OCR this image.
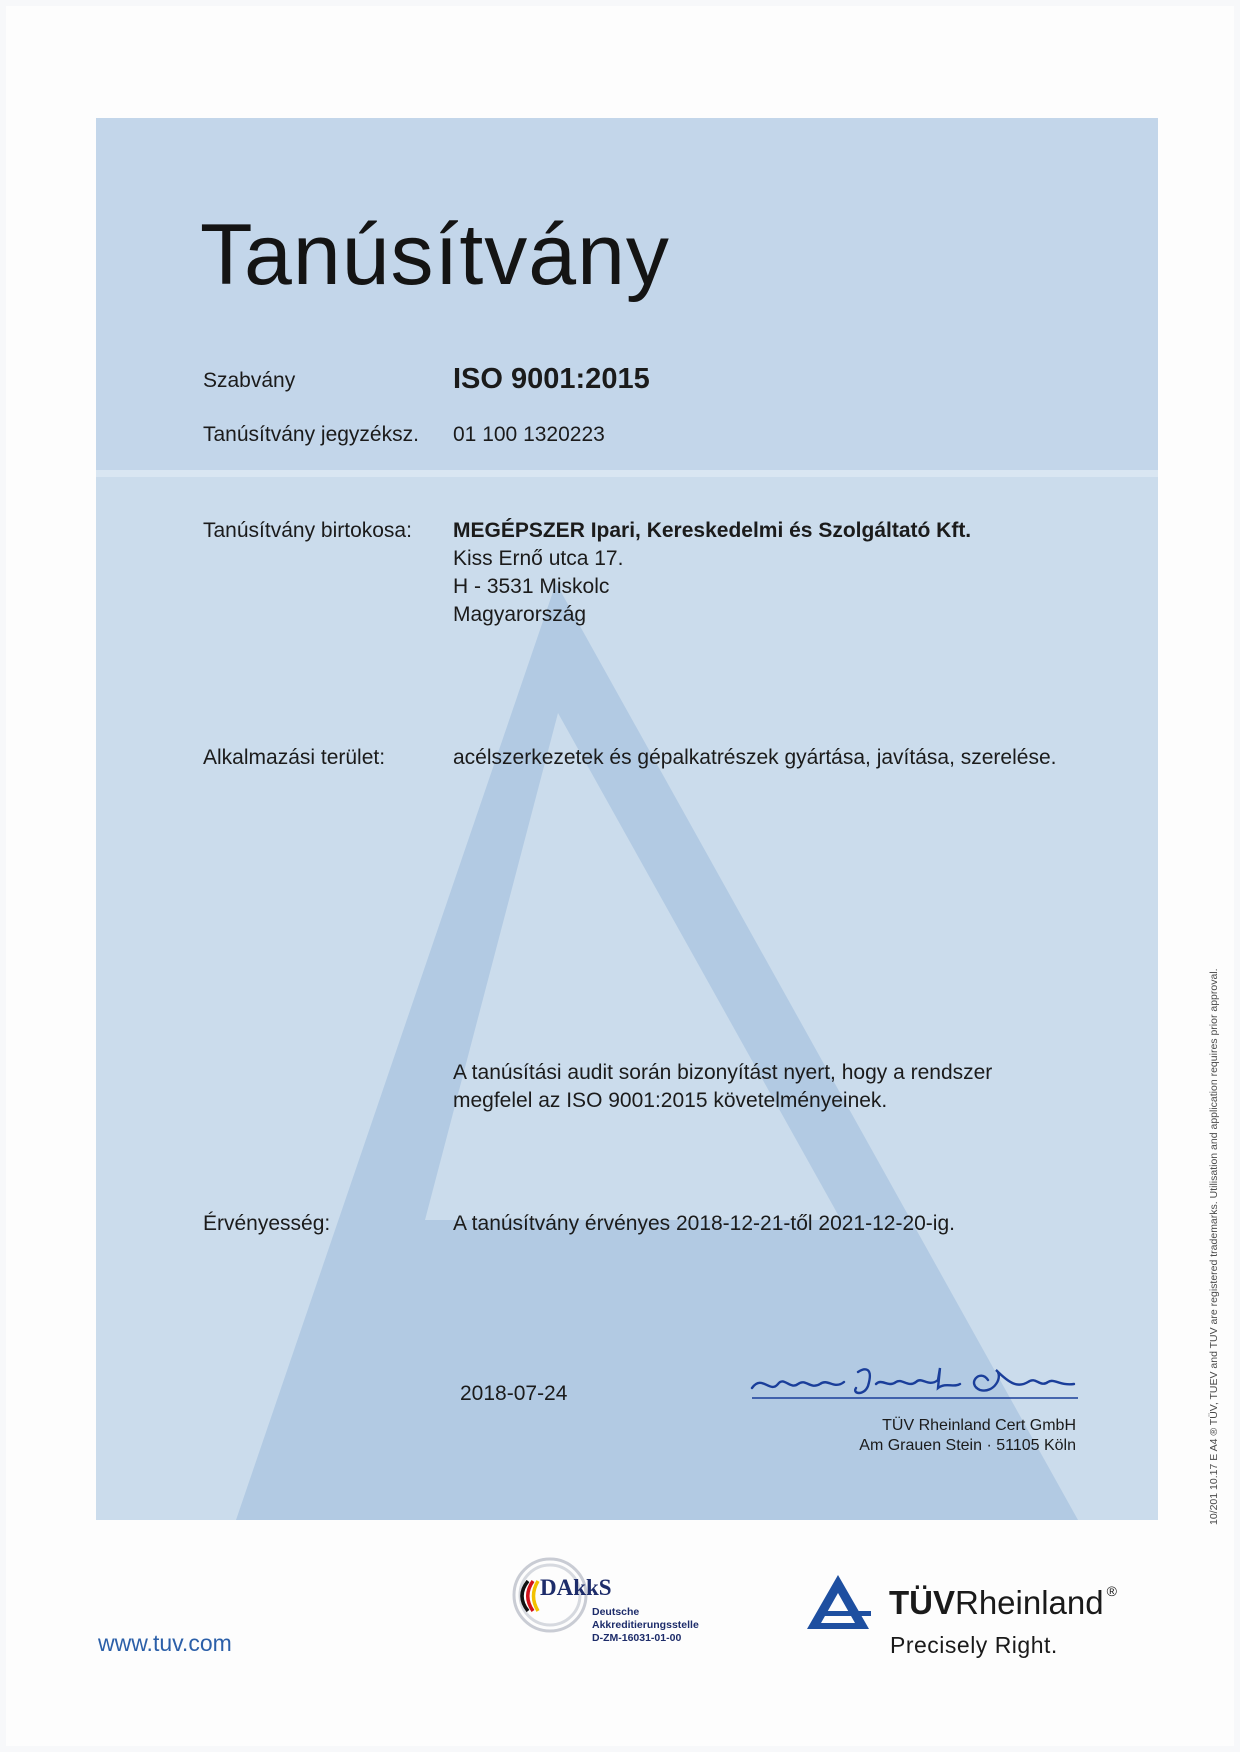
Tanúsítvány
Szabvány	ISO 9001:2015
Tanúsítvány jegyzéksz. 01 100 1320223
Tanúsítvány birtokosa: MEGÉPSZER Ipari, Kereskedelmi és Szolgáltató Kft.
Kiss Ernő utca 17.
H - 3531 Miskolc
Magyarország
Alkalmazási terület:	acélszerkezetek és gépalkatrészek gyártása, javítása, szerelése.
A tanúsítási audit során bizonyítást nyert, hogy a rendszer
megfelel az ISO 9001:2015 követelményeinek.
Érvényesség:	A tanúsítvány érvényes 2018-12-21-től 2021-12-20-ig.
2018-07-24
TÜV Rheinland Cert GmbH
Am Grauen Stein · 51105 Köln	10/201 10.17 E A4 ® TÜV, TUEV and TUV are registered trademarks. Utilisation and application requires prior approval.
www.tuv.com
DAkkS
Deutsche
Akkreditierungsstelle
D-ZM-16031-01-00
TÜVRheinland ®
Precisely Right.
